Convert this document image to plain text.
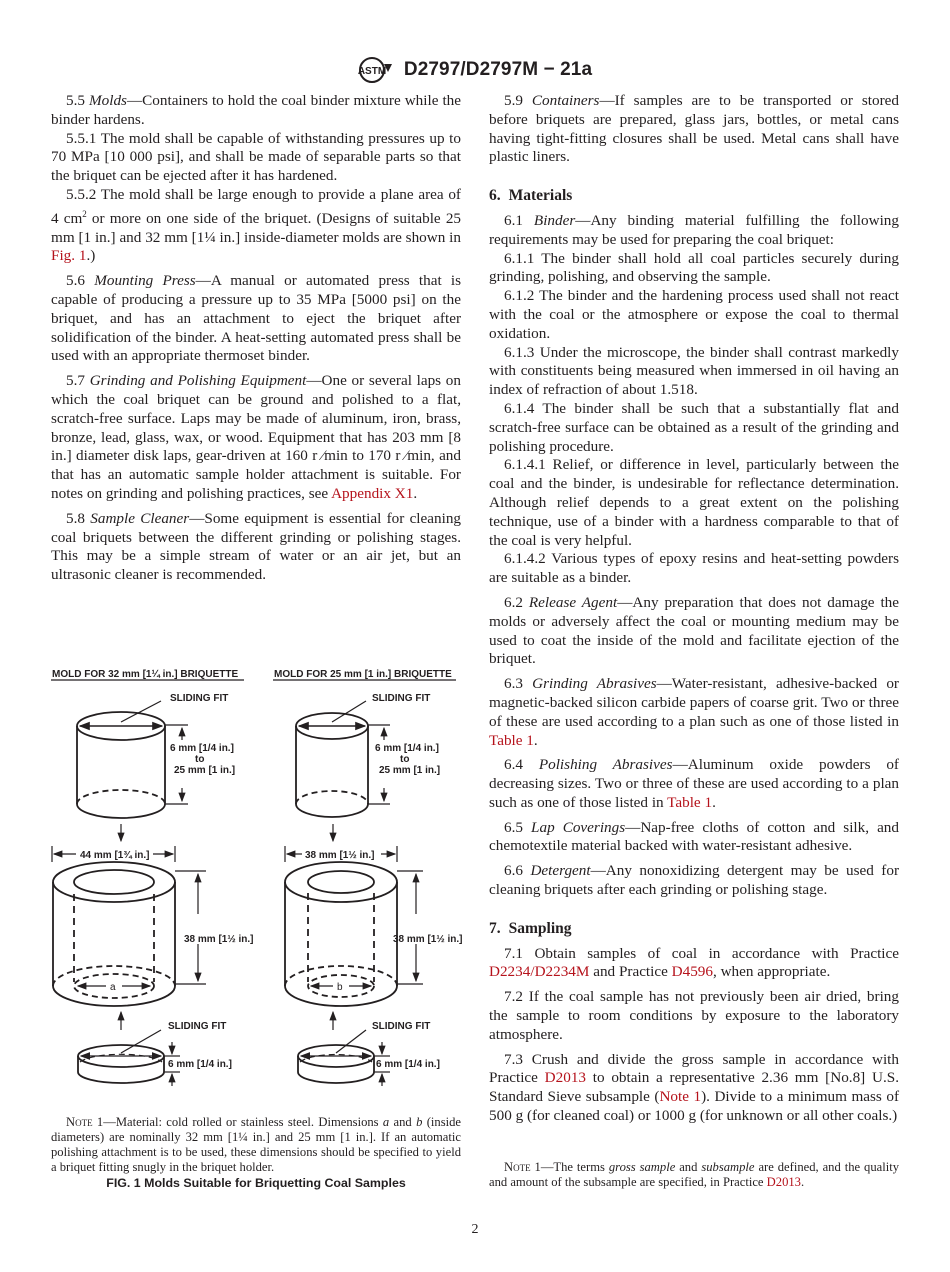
ASTM D2797/D2797M − 21a

5.5 Molds—Containers to hold the coal binder mixture while the binder hardens.

5.5.1 The mold shall be capable of withstanding pressures up to 70 MPa [10 000 psi], and shall be made of separable parts so that the briquet can be ejected after it has hardened.

5.5.2 The mold shall be large enough to provide a plane area of 4 $cm^2$ or more on one side of the briquet. (Designs of suitable 25 mm [1 in.] and 32 mm [1¼ in.] inside-diameter molds are shown in Fig. 1.)

5.6 Mounting Press—A manual or automated press that is capable of producing a pressure up to 35 MPa [5000 psi] on the briquet, and has an attachment to eject the briquet after solidification of the binder. A heat-setting automated press shall be used with an appropriate thermoset binder.

5.7 Grinding and Polishing Equipment—One or several laps on which the coal briquet can be ground and polished to a flat, scratch-free surface. Laps may be made of aluminum, iron, brass, bronze, lead, glass, wax, or wood. Equipment that has 203 mm [8 in.] diameter disk laps, gear-driven at 160 r ⁄min to 170 r ⁄min, and that has an automatic sample holder attachment is suitable. For notes on grinding and polishing practices, see Appendix X1.

5.8 Sample Cleaner—Some equipment is essential for cleaning coal briquets between the different grinding or polishing stages. This may be a simple stream of water or an air jet, but an ultrasonic cleaner is recommended.

MOLD FOR 32 mm [1¼ in.] BRIQUETTE	MOLD FOR 25 mm [1 in.] BRIQUETTE
SLIDING FIT
6 mm [1/4 in.]
to
25 mm [1 in.]
SLIDING FIT
6 mm [1/4 in.]
to
25 mm [1 in.]
44 mm [1¾ in.]	38 mm [1½ in.]
38 mm [1½ in.]	38 mm [1½ in.]
a	b
SLIDING FIT	SLIDING FIT
6 mm [1/4 in.]	6 mm [1/4 in.]

Note 1—Material: cold rolled or stainless steel. Dimensions a and b (inside diameters) are nominally 32 mm [1¼ in.] and 25 mm [1 in.]. If an automatic polishing attachment is to be used, these dimensions should be specified to yield a briquet fitting snugly in the briquet holder.

FIG. 1 Molds Suitable for Briquetting Coal Samples

5.9 Containers—If samples are to be transported or stored before briquets are prepared, glass jars, bottles, or metal cans having tight-fitting closures shall be used. Metal cans shall have plastic liners.

6. Materials

6.1 Binder—Any binding material fulfilling the following requirements may be used for preparing the coal briquet:

6.1.1 The binder shall hold all coal particles securely during grinding, polishing, and observing the sample.

6.1.2 The binder and the hardening process used shall not react with the coal or the atmosphere or expose the coal to thermal oxidation.

6.1.3 Under the microscope, the binder shall contrast markedly with constituents being measured when immersed in oil having an index of refraction of about 1.518.

6.1.4 The binder shall be such that a substantially flat and scratch-free surface can be obtained as a result of the grinding and polishing procedure.

6.1.4.1 Relief, or difference in level, particularly between the coal and the binder, is undesirable for reflectance determination. Although relief depends to a great extent on the polishing technique, use of a binder with a hardness comparable to that of the coal is very helpful.

6.1.4.2 Various types of epoxy resins and heat-setting powders are suitable as a binder.

6.2 Release Agent—Any preparation that does not damage the molds or adversely affect the coal or mounting medium may be used to coat the inside of the mold and facilitate ejection of the briquet.

6.3 Grinding Abrasives—Water-resistant, adhesive-backed or magnetic-backed silicon carbide papers of coarse grit. Two or three of these are used according to a plan such as one of those listed in Table 1.

6.4 Polishing Abrasives—Aluminum oxide powders of decreasing sizes. Two or three of these are used according to a plan such as one of those listed in Table 1.

6.5 Lap Coverings—Nap-free cloths of cotton and silk, and chemotextile material backed with water-resistant adhesive.

6.6 Detergent—Any nonoxidizing detergent may be used for cleaning briquets after each grinding or polishing stage.

7. Sampling

7.1 Obtain samples of coal in accordance with Practice D2234/D2234M and Practice D4596, when appropriate.

7.2 If the coal sample has not previously been air dried, bring the sample to room conditions by exposure to the laboratory atmosphere.

7.3 Crush and divide the gross sample in accordance with Practice D2013 to obtain a representative 2.36 mm [No.8] U.S. Standard Sieve subsample (Note 1). Divide to a minimum mass of 500 g (for cleaned coal) or 1000 g (for unknown or all other coals.)

Note 1—The terms gross sample and subsample are defined, and the quality and amount of the subsample are specified, in Practice D2013.

2
